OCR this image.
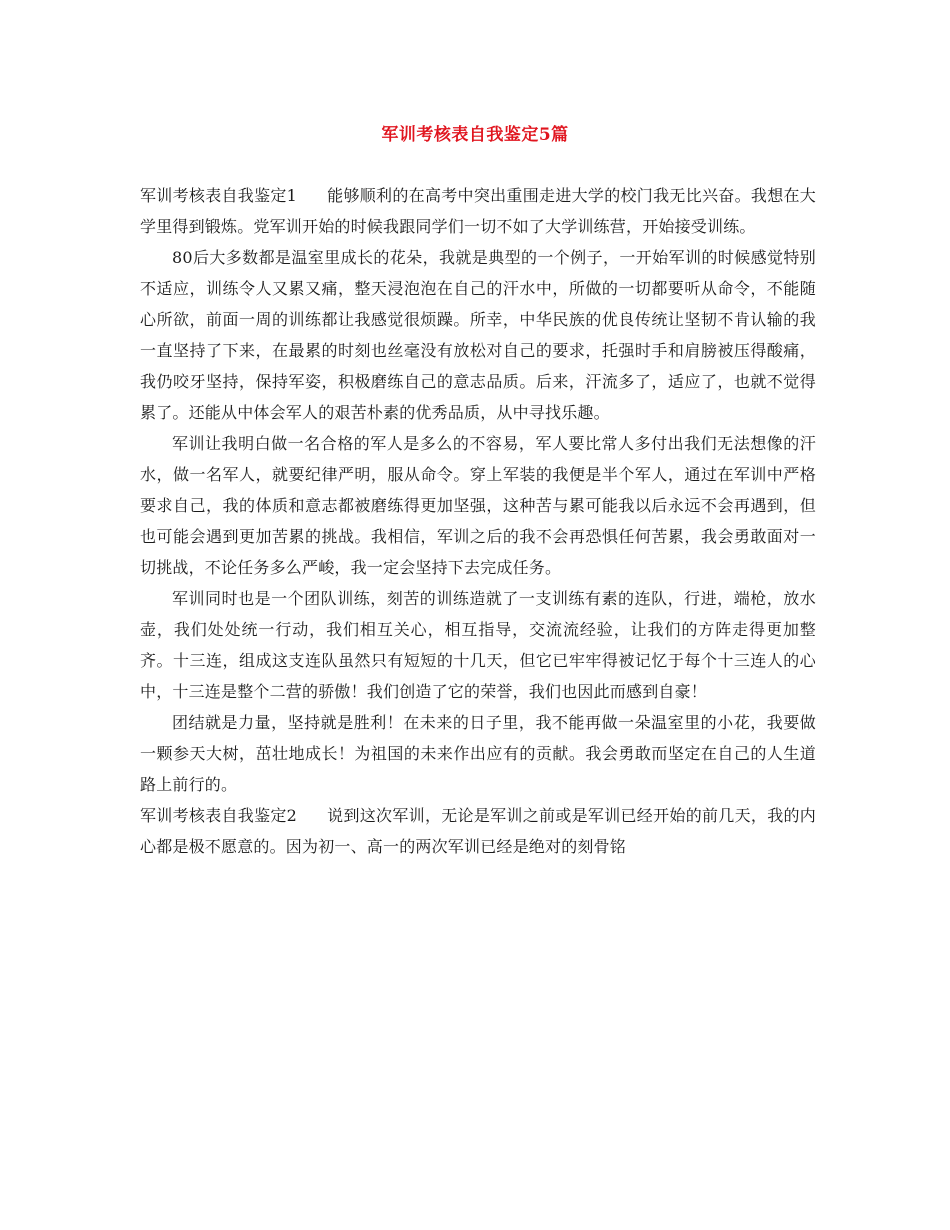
军训考核表自我鉴定5篇

军训考核表自我鉴定1 能够顺利的在高考中突出重围走进大学的校门我无比兴奋。我想在大学里得到锻炼。党军训开始的时候我跟同学们一切不如了大学训练营，开始接受训练。

80后大多数都是温室里成长的花朵，我就是典型的一个例子，一开始军训的时候感觉特别不适应，训练令人又累又痛，整天浸泡泡在自己的汗水中，所做的一切都要听从命令，不能随心所欲，前面一周的训练都让我感觉很烦躁。所幸，中华民族的优良传统让坚韧不肯认输的我一直坚持了下来，在最累的时刻也丝毫没有放松对自己的要求，托强时手和肩膀被压得酸痛，我仍咬牙坚持，保持军姿，积极磨练自己的意志品质。后来，汗流多了，适应了，也就不觉得累了。还能从中体会军人的艰苦朴素的优秀品质，从中寻找乐趣。

军训让我明白做一名合格的军人是多么的不容易，军人要比常人多付出我们无法想像的汗水，做一名军人，就要纪律严明，服从命令。穿上军装的我便是半个军人，通过在军训中严格要求自己，我的体质和意志都被磨练得更加坚强，这种苦与累可能我以后永远不会再遇到，但也可能会遇到更加苦累的挑战。我相信，军训之后的我不会再恐惧任何苦累，我会勇敢面对一切挑战，不论任务多么严峻，我一定会坚持下去完成任务。

军训同时也是一个团队训练，刻苦的训练造就了一支训练有素的连队，行进，端枪，放水壶，我们处处统一行动，我们相互关心，相互指导，交流流经验，让我们的方阵走得更加整齐。十三连，组成这支连队虽然只有短短的十几天，但它已牢牢得被记忆于每个十三连人的心中，十三连是整个二营的骄傲！我们创造了它的荣誉，我们也因此而感到自豪！

团结就是力量，坚持就是胜利！在未来的日子里，我不能再做一朵温室里的小花，我要做一颗参天大树，茁壮地成长！为祖国的未来作出应有的贡献。我会勇敢而坚定在自己的人生道路上前行的。

军训考核表自我鉴定2 说到这次军训，无论是军训之前或是军训已经开始的前几天，我的内心都是极不愿意的。因为初一、高一的两次军训已经是绝对的刻骨铭
